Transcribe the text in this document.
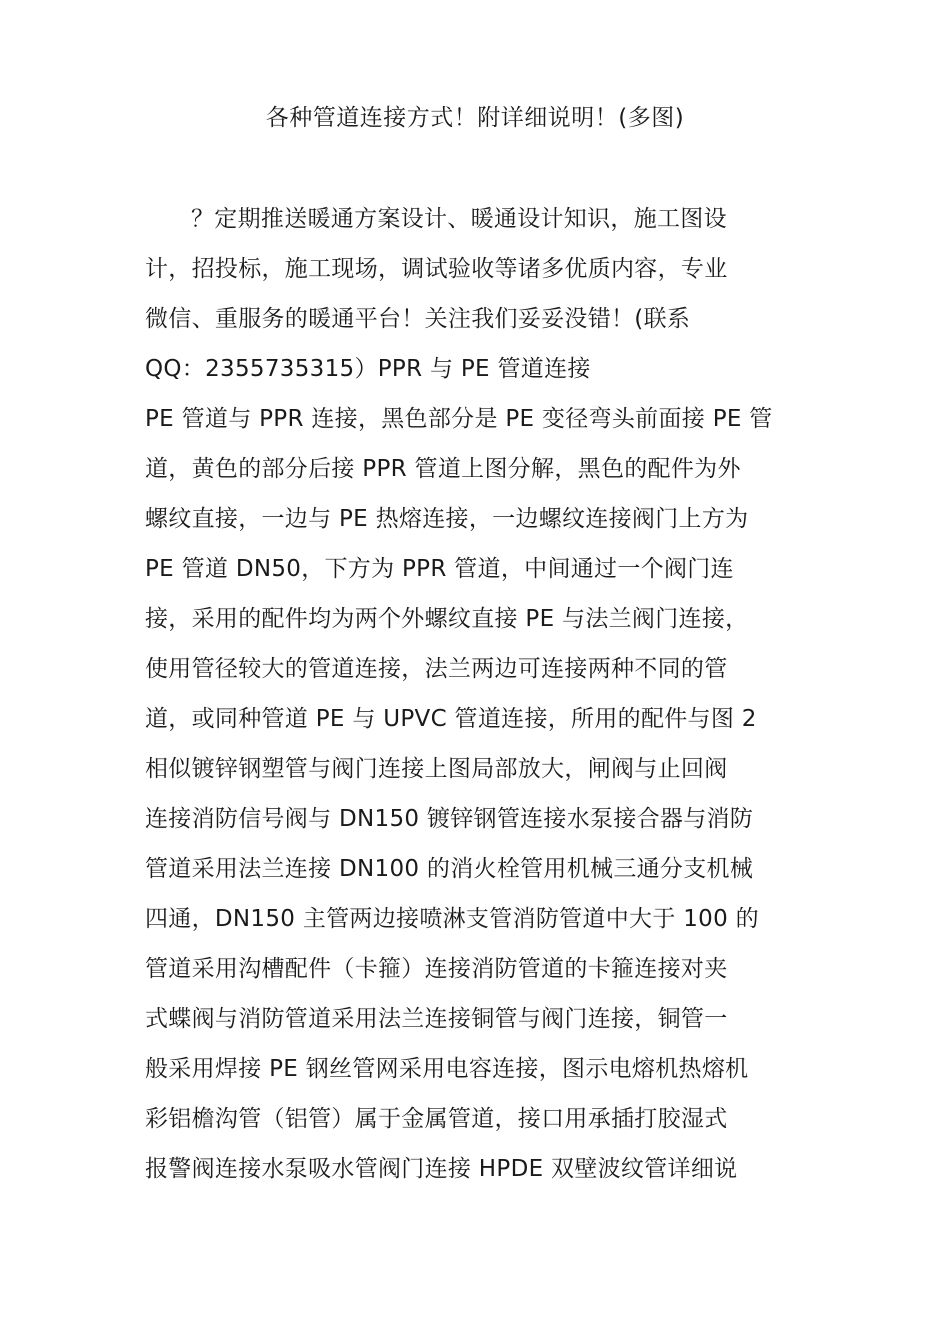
各种管道连接方式！附详细说明！(多图)
？定期推送暖通方案设计、暖通设计知识，施工图设
计，招投标，施工现场，调试验收等诸多优质内容，专业
微信、重服务的暖通平台！关注我们妥妥没错！(联系
QQ：2355735315）PPR 与 PE 管道连接
PE 管道与 PPR 连接，黑色部分是 PE 变径弯头前面接 PE 管
道，黄色的部分后接 PPR 管道上图分解，黑色的配件为外
螺纹直接，一边与 PE 热熔连接，一边螺纹连接阀门上方为
PE 管道 DN50，下方为 PPR 管道，中间通过一个阀门连
接，采用的配件均为两个外螺纹直接 PE 与法兰阀门连接，
使用管径较大的管道连接，法兰两边可连接两种不同的管
道，或同种管道 PE 与 UPVC 管道连接，所用的配件与图 2
相似镀锌钢塑管与阀门连接上图局部放大，闸阀与止回阀
连接消防信号阀与 DN150 镀锌钢管连接水泵接合器与消防
管道采用法兰连接 DN100 的消火栓管用机械三通分支机械
四通，DN150 主管两边接喷淋支管消防管道中大于 100 的
管道采用沟槽配件（卡箍）连接消防管道的卡箍连接对夹
式蝶阀与消防管道采用法兰连接铜管与阀门连接，铜管一
般采用焊接 PE 钢丝管网采用电容连接，图示电熔机热熔机
彩铝檐沟管（铝管）属于金属管道，接口用承插打胶湿式
报警阀连接水泵吸水管阀门连接 HPDE 双壁波纹管详细说
